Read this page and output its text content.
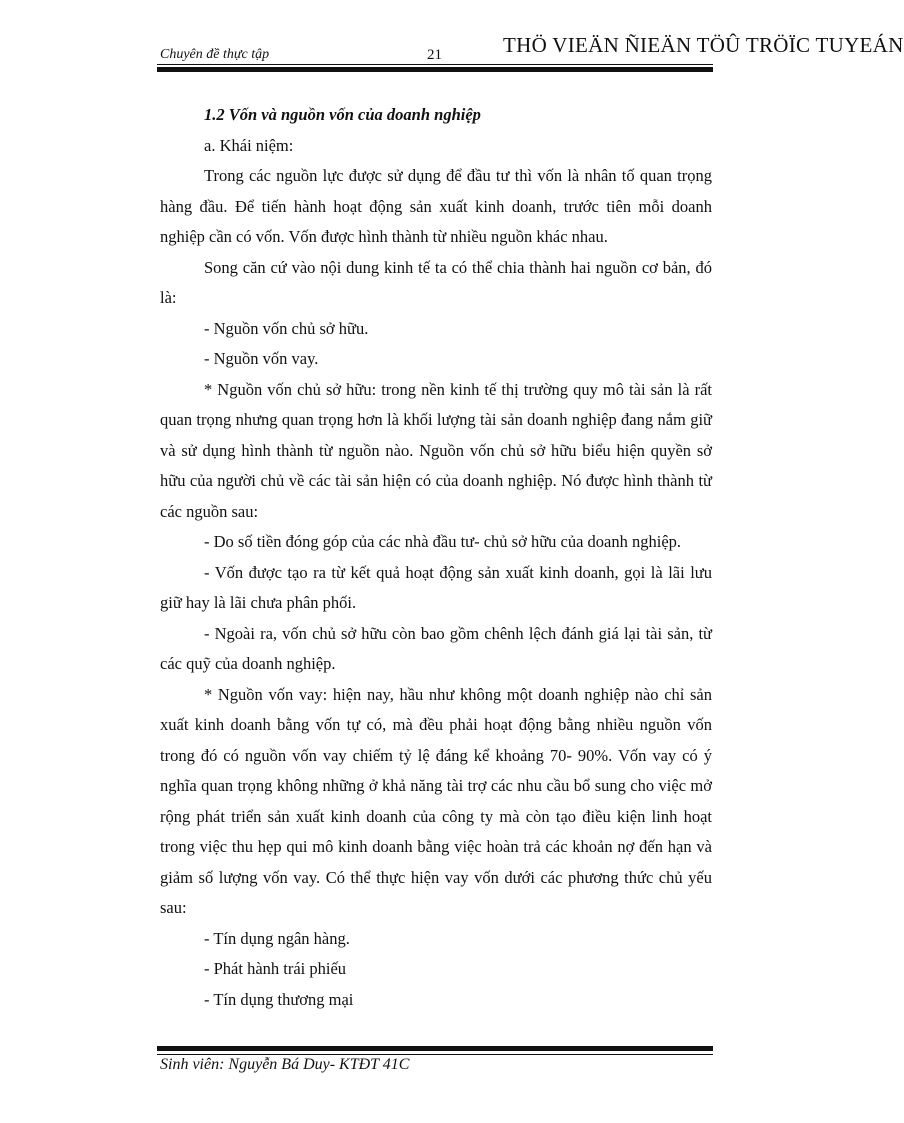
Chuyên đề thực tập	21	THÖ VIEÄN ÑIEÄN TÖÛ TRÖÏC TUYEÁN

1.2 Vốn và nguồn vốn của doanh nghiệp

a. Khái niệm:

Trong các nguồn lực được sử dụng để đầu tư thì vốn là nhân tố quan trọng hàng đầu. Để tiến hành hoạt động sản xuất kinh doanh, trước tiên mỗi doanh nghiệp cần có vốn. Vốn được hình thành từ nhiều nguồn khác nhau.

Song căn cứ vào nội dung kinh tế ta có thể chia thành hai nguồn cơ bản, đó là:

- Nguồn vốn chủ sở hữu.

- Nguồn vốn vay.

* Nguồn vốn chủ sở hữu: trong nền kinh tế thị trường quy mô tài sản là rất quan trọng nhưng quan trọng hơn là khối lượng tài sản doanh nghiệp đang nắm giữ và sử dụng hình thành từ nguồn nào. Nguồn vốn chủ sở hữu biểu hiện quyền sở hữu của người chủ về các tài sản hiện có của doanh nghiệp. Nó được hình thành từ các nguồn sau:

- Do số tiền đóng góp của các nhà đầu tư- chủ sở hữu của doanh nghiệp.

- Vốn được tạo ra từ kết quả hoạt động sản xuất kinh doanh, gọi là lãi lưu giữ hay là lãi chưa phân phối.

- Ngoài ra, vốn chủ sở hữu còn bao gồm chênh lệch đánh giá lại tài sản, từ các quỹ của doanh nghiệp.

* Nguồn vốn vay: hiện nay, hầu như không một doanh nghiệp nào chỉ sản xuất kinh doanh bằng vốn tự có, mà đều phải hoạt động bằng nhiều nguồn vốn trong đó có nguồn vốn vay chiếm tỷ lệ đáng kể khoảng 70- 90%. Vốn vay có ý nghĩa quan trọng không những ở khả năng tài trợ các nhu cầu bổ sung cho việc mở rộng phát triển sản xuất kinh doanh của công ty mà còn tạo điều kiện linh hoạt trong việc thu hẹp qui mô kinh doanh bằng việc hoàn trả các khoản nợ đến hạn và giảm số lượng vốn vay. Có thể thực hiện vay vốn dưới các phương thức chủ yếu sau:

- Tín dụng ngân hàng.

- Phát hành trái phiếu

- Tín dụng thương mại

Sinh viên: Nguyễn Bá Duy- KTĐT 41C
